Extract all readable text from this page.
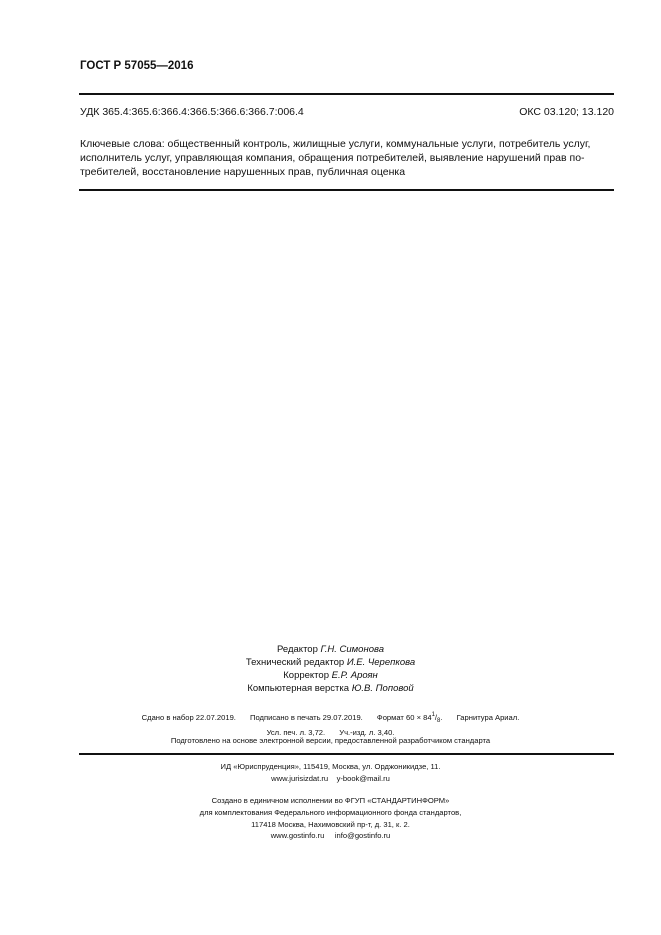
ГОСТ Р 57055—2016
УДК 365.4:365.6:366.4:366.5:366.6:366.7:006.4	ОКС 03.120; 13.120
Ключевые слова: общественный контроль, жилищные услуги, коммунальные услуги, потребитель услуг, исполнитель услуг, управляющая компания, обращения потребителей, выявление нарушений прав по-требителей, восстановление нарушенных прав, публичная оценка
Редактор Г.Н. Симонова
Технический редактор И.Е. Черепкова
Корректор Е.Р. Ароян
Компьютерная верстка Ю.В. Поповой
Сдано в набор 22.07.2019. Подписано в печать 29.07.2019. Формат $60 \times 84^1/_8$. Гарнитура Ариал.
Усл. печ. л. 3,72. Уч.-изд. л. 3,40.
Подготовлено на основе электронной версии, предоставленной разработчиком стандарта
ИД «Юриспруденция», 115419, Москва, ул. Орджоникидзе, 11.
www.jurisizdat.ru y-book@mail.ru
Создано в единичном исполнении во ФГУП «СТАНДАРТИНФОРМ»
для комплектования Федерального информационного фонда стандартов,
117418 Москва, Нахимовский пр-т, д. 31, к. 2.
www.gostinfo.ru info@gostinfo.ru
